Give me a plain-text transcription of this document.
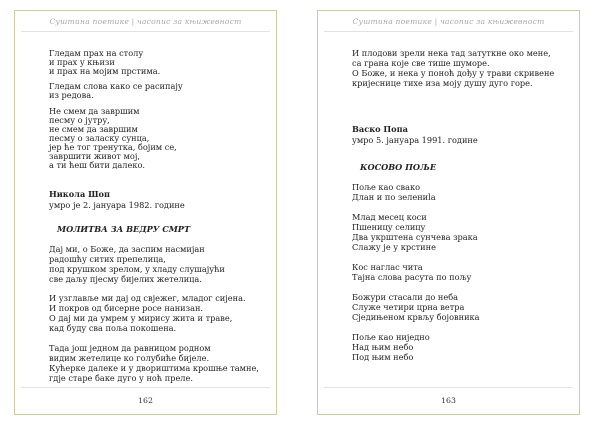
Суштина поетике | часопис за књижевност
Гледам прах на столу
и прах у књизи
и прах на мојим прстима.
Гледам слова како се расипају
из редова.
Не смем да завршим
песму о јутру,
не смем да завршим
песму о заласку сунца,
јер ће тог тренутка, бојим се,
завршити живот мој,
а ти ћеш бити далеко.
Никола Шоп
умро је 2. јануара 1982. године
МОЛИТВА ЗА ВЕДРУ СМРТ
Дај ми, о Боже, да заспим насмијан
радошћу ситих препелица,
под крушком зрелом, у хладу слушајући
све даљу пјесму бијелих жетелица.
И узглавље ми дај од свјежег, младог сијена.
И покров од бисерне росе нанизан.
О дај ми да умрем у мирису жита и траве,
кад буду сва поља покошена.
Тада још једном да равницом родном
видим жетелице ко голубиће бијеле.
Кућерке далеке и у двориштима крошње тамне,
гдје старе баке дуго у ноћ преле.
162
Суштина поетике | часопис за књижевност
И плодови зрели нека тад затуткне око мене,
са грана које све тише шуморе.
О Боже, и нека у поноћ дођу у трави скривене
кријеснице тихе иза моју душу дуго горе.
Васко Попа
умро 5. јануара 1991. године
КОСОВО ПОЉЕ
Поље као свако
Длан и по зелениla
Млад месец коси
Пшеницу селицу
Два укрштена сунчева зрака
Слажу је у крстине
Кос наглас чита
Тајна слова расута по пољу
Божури стасали до неба
Служе четири црна ветра
Сједињеном крвљу бојовника
Поље као ниједно
Над њим небо
Под њим небо
163
